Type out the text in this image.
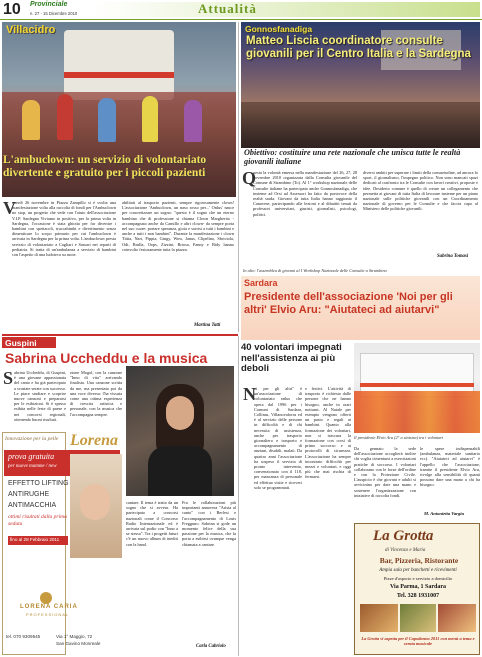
10 Provinciale
n. 27 - 15 Dicembre 2010	Attualità
Villacidro
L'ambuclown: un servizio di volontariato divertente e gratuito per i piccoli pazienti
V
enerdì 26 novembre in Piazza Zampillo si è svolta una manifestazione volta alla raccolta di fondi per l'Ambuclown no stop, un progetto che vede con l'aiuto dell'associazione V.I.P. Sardegna Viviamo in positivo, per la prima volta in Sardegna, l'occasione è stata ghiotta per far divertire i bambini con spettacoli, truccabimbi e divertimento senza dimenticare lo scopo primario per cui l'ambuclown è arrivata in Sardegna per la prima volta. L'ambuclown presta servizio di volontariato a Cagliari e Sassari nei reparti di pediatria. Si tratta di un'ambulanza a servizio di bambini con l'aspetto di una ludoteca su ruote.
abilitati al trasporto pazienti, sempre rigorosamente clown! L'associazione 'Ambuclown, un naso rosso per...' Onlus' nasce per concretizzare un sogno: "questo è il sogno che un eterno bambino che di professione si chiama Clown Margherito -accompagnato anche da Camillo e altri clown- da sempre porta nel suo cuore: portare speranza, gioia e sorrisi a tutti i bambini e anche a tutti i non bambini". Durante la manifestazione i clown Tittia, Nari, Pippia, Gingy, Wow, Janus, Clipelino, Sbriciola, Odi, Brulla, Oops, Zizzini, Briosa, Fanny e Bidy hanno coinvolto festosamente tutta la piazza.
Martina Tatti
Gonnosfanadiga
Matteo Liscia coordinatore consulte giovanili per il Centro Italia e la Sardegna
Obiettivo: costituire una rete nazionale che unisca tutte le realtà giovanili italiane
Q
uesta la volontà emersa nella manifestazione del 26, 27, 28 novembre 2010 organizzata dalla Consulta giovanile del Comune di Strambino (To). Al 1° workshop nazionale delle Consulte italiane ha partecipato anche Gonnosfanadiga, che insieme ad Orsi ad Assessori ha fatto da portavoce della realtà sarda. Giovani da tutta Italia hanno raggiunto il Canavese, partecipando alle lezioni e al dibattiti tenuti da professori universitari, giuristi, giornalisti, psicologi, politici.
diversi ambiti per superare i limiti della consuetudine, ad ancora lo sport, il giornalismo, l'impegno politico. Non sono mancati spazi dedicati al confronto tra le Consulte con lavori creativi, proposte e idee. Desiderio comune è quello di creare un collegamento che permetta ai giovani di tutta Italia di lavorare insieme per un piano nazionale sulle politiche giovanili con un Coordinamento nazionale di governo per le Consulte e che faccia capo al Ministero delle politiche giovanili.
Sabrina Tomasi
In alto: l'assemblea di giovani al I Workshop Nazionale delle Consulte a Strambino
Sardara
Presidente dell'associazione 'Noi per gli altri' Elvio Aru: "Aiutateci ad aiutarvi"
40 volontari impegnati nell'assistenza ai più deboli
N
oi per gli altri" è un'associazione di volontariato onlus che opera dal 1996 per i Comuni di Sardara, Collinas, Villanovaforru ed è al servizio delle persone in difficoltà e di chi necessita di assistenza, anche per trasporto giornaliero e trasporto e accompagnamento di anziani, disabili, malati. Da quattro anni l'associazione ha sospeso il servizio di pronto intervento, convenzionato con il 118, per mancanza di personale ed effettua visite e ricoveri solo se programmati.
e festivi. L'attività di trasporto è richiesta dalle persone che ne hanno bisogno, anche in orari notturni. Al Natale per esempio vengono offerti un pasto e regali ai bambini. Quanto alla formazione dei volontari, non si trascura la formazione con corsi di primo soccorso e ai protocolli di sicurezza. L'associazione ha sempre incontrato difficoltà per mezzi e volontari, e oggi più che mai rischia di fermarsi.
Il presidente Elvio Aru (2° a sinistra) tra i volontari
Da gennaio la sede dell'associazione accoglierà inoltre chi voglia cimentarsi a esercitazioni pratiche di soccorso. I volontari collaborano con le forze dell'ordine e con la Protezione Civile. L'auspicio è che giovani e adulti si avvicinino per dare una mano e sostenere l'organizzazione con iniziative di raccolta fondi.
le spese indispensabili (ambulanza, materiale sanitario ecc). "Aiutateci ad aiutarvi" è l'appello che l'associazione, tramite il presidente Elvio Aru, rivolge alla sensibilità di quanti possono dare una mano a chi ha bisogno.
M. Antonietta Vargiu
La Grotta
di Vincenzo e Maria
Bar, Pizzeria, Ristorante
Ampia sala per banchetti e ricevimenti
Pizze d'asporto e servizio a domicilio
Via Parma, 1 Sardara
Tel. 328 1931007
La Grotta vi aspetta per il Capodanno 2011 con menù a tema e serata musicale
Guspini
Sabrina Uccheddu e la musica
S abrina Uccheddu, di Guspini, è una giovane appassionata del canto e ha già partecipato a svariate serate con successo. Le piace studiare e scoprire nuove canzoni e prepararsi per le esibizioni. Si è spesso esibita nelle feste di paese e nei concorsi regionali, ottenendo buoni risultati.
zione Mogol, con la canzone "Inno di vita" arrivando finalista. Una canzone scritta da me, ma presentata poi da una voce diversa: l'ha vissuta come una ottima esperienza di crescita artistica e personale, con la musica che l'accompagna sempre.
Innovazione per la pelle Lorena
prova gratuita
per nuove mamme / new
EFFETTO LIFTING
ANTIRUGHE
ANTIMACCHIA
ottimi risultati dalla prima seduta
fino al 28 Febbraio 2011
LORENA CARIA
PROFESSIONAL
tel. 070 9309545	Via 1° Maggio, 72
San Gavino Monreale
cantare. Il tema è tratto da un sogno che si avvera. Ha partecipato a concorsi nazionali come il Concorso Radio Internazionale ed è arrivata sul podio con "Inno a se stessa". Tra i progetti futuri c'è un nuovo album di inediti con la band.
Fra le collaborazioni più importanti annovera "Arista al canto" con i Berlesi e l'accompagnamento di Louis Fregguno. Sabrina si gode un momento felice della sua passione per la musica, che la porta a esibirsi ovunque venga chiamata a cantare.
Carla Cabriolo
